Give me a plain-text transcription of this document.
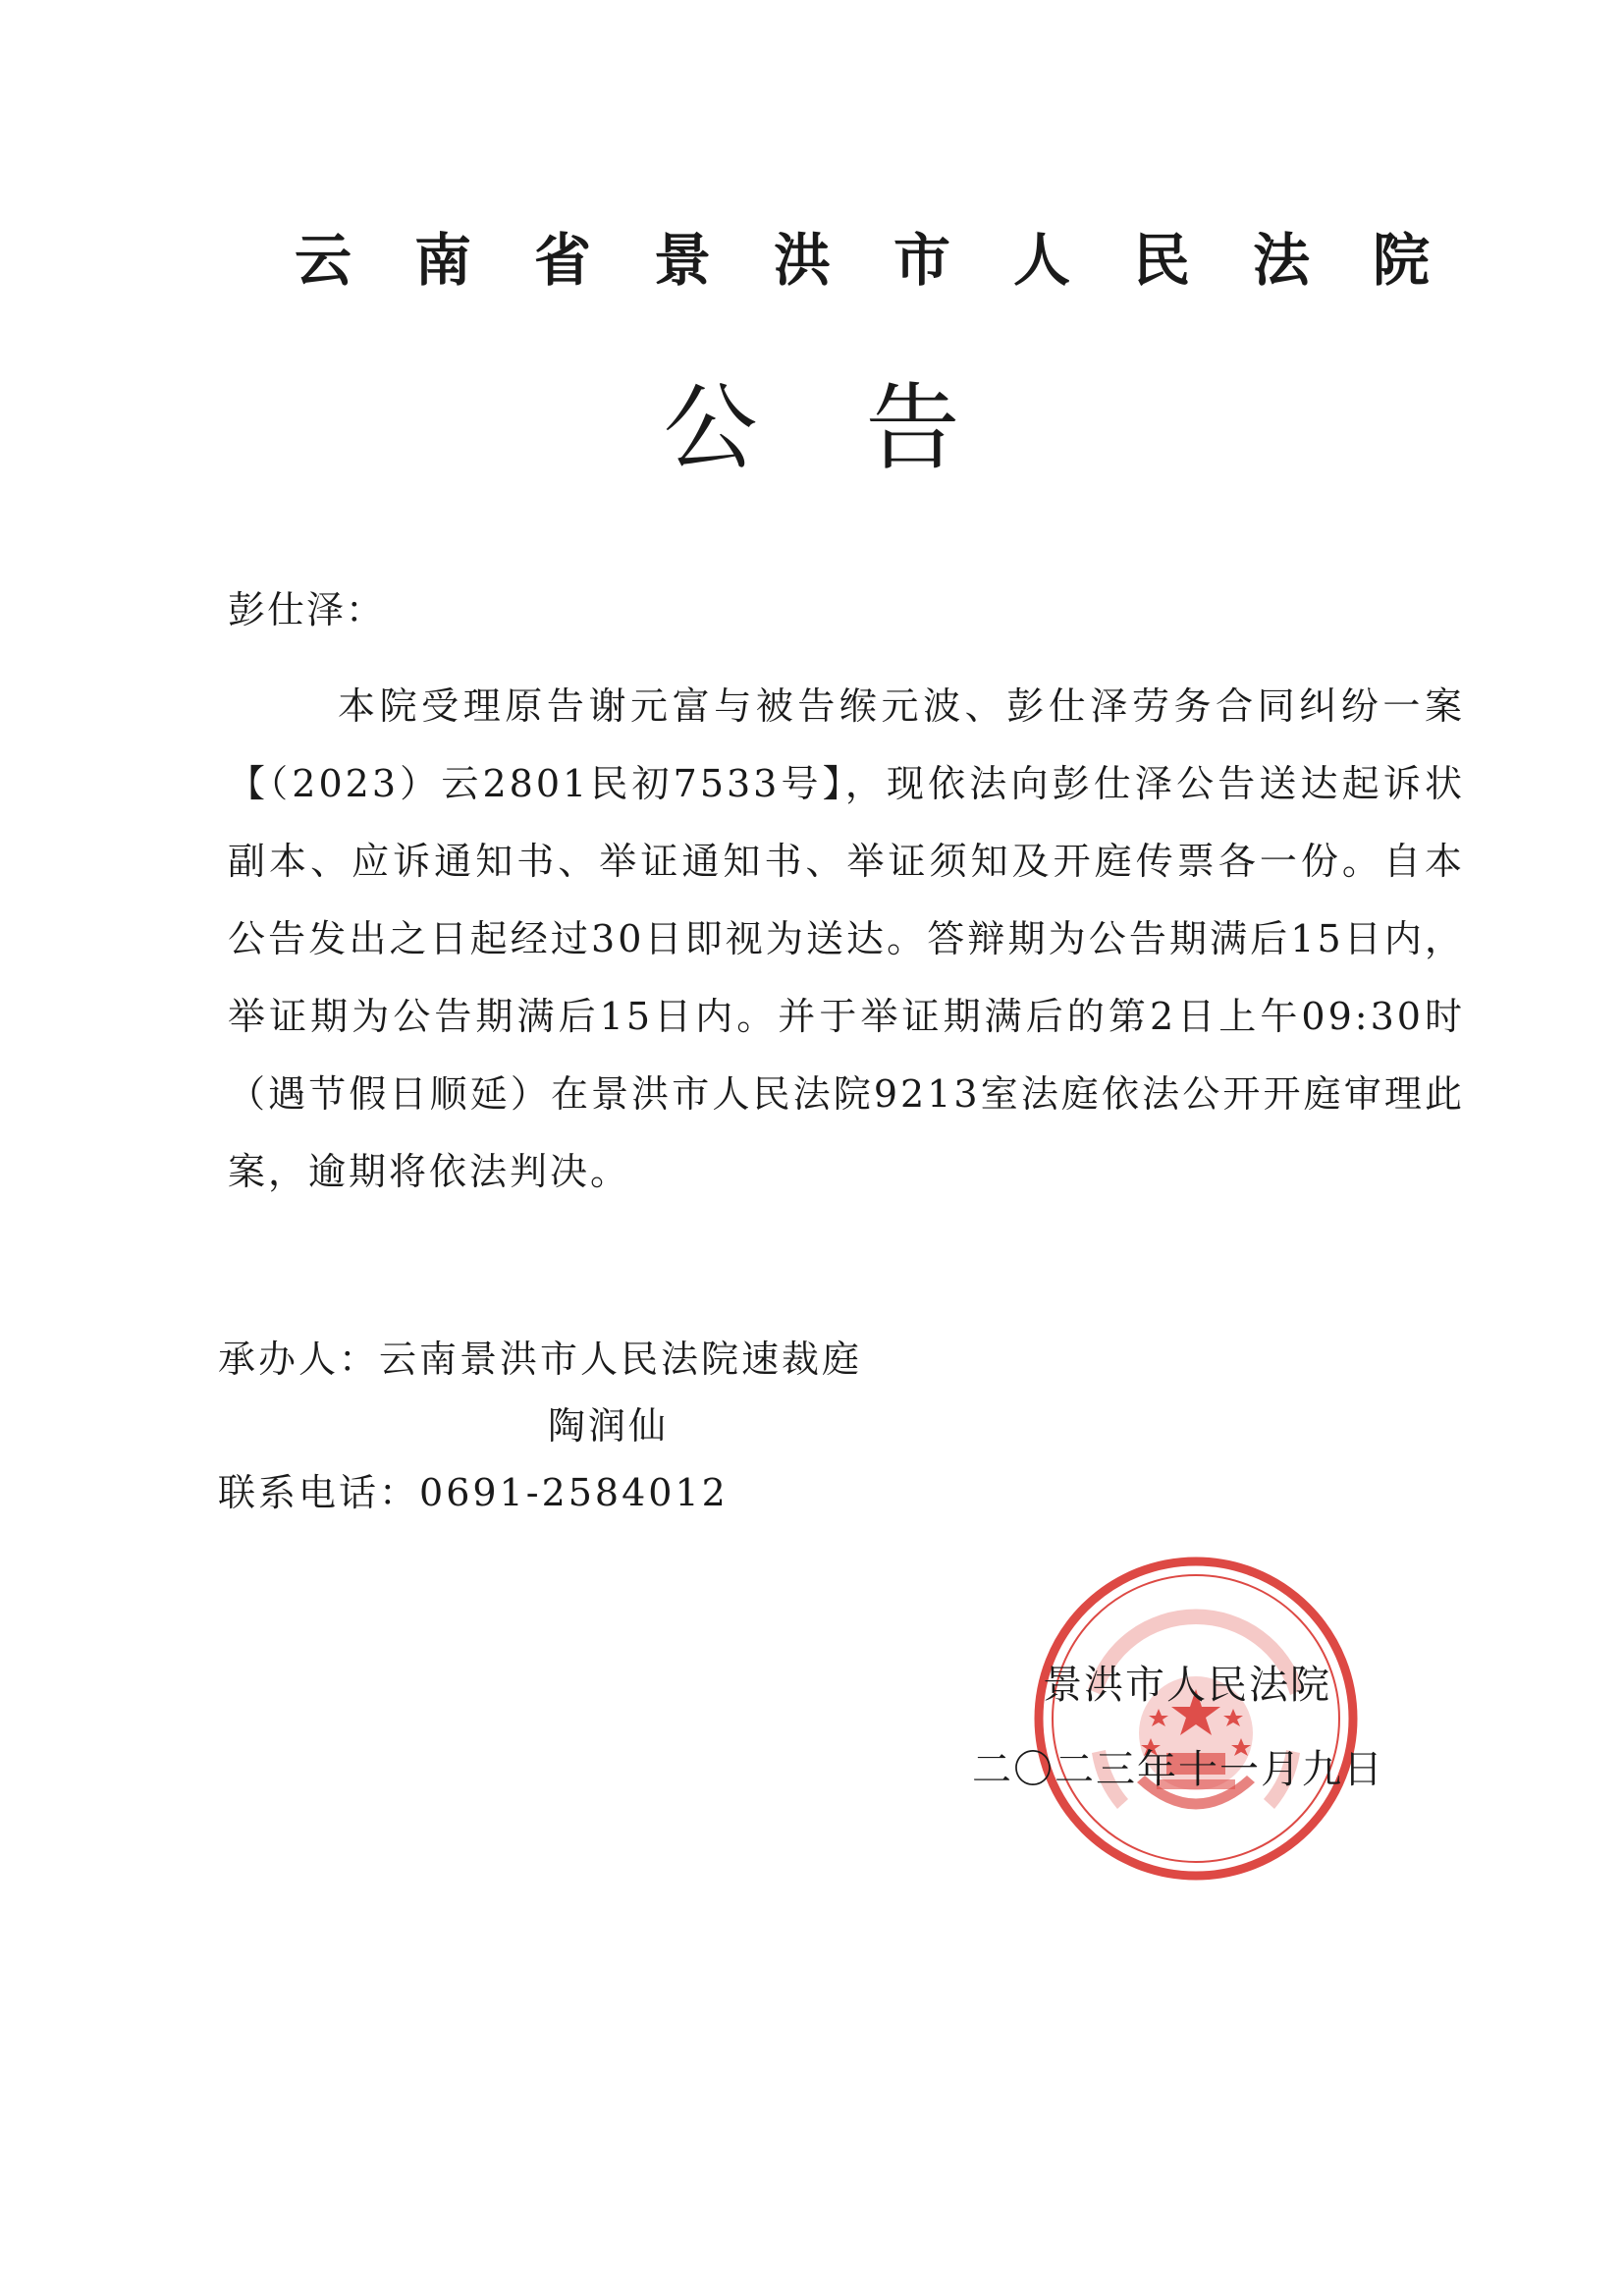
云南省景洪市人民法院
公告
彭仕泽：
本院受理原告谢元富与被告缑元波、彭仕泽劳务合同纠纷一案【（2023）云2801民初7533号】，现依法向彭仕泽公告送达起诉状副本、应诉通知书、举证通知书、举证须知及开庭传票各一份。自本公告发出之日起经过30日即视为送达。答辩期为公告期满后15日内，举证期为公告期满后15日内。并于举证期满后的第2日上午09:30时（遇节假日顺延）在景洪市人民法院9213室法庭依法公开开庭审理此案，逾期将依法判决。
承办人：云南景洪市人民法院速裁庭
陶润仙
联系电话：0691-2584012
景洪市人民法院
二〇二三年十一月九日
